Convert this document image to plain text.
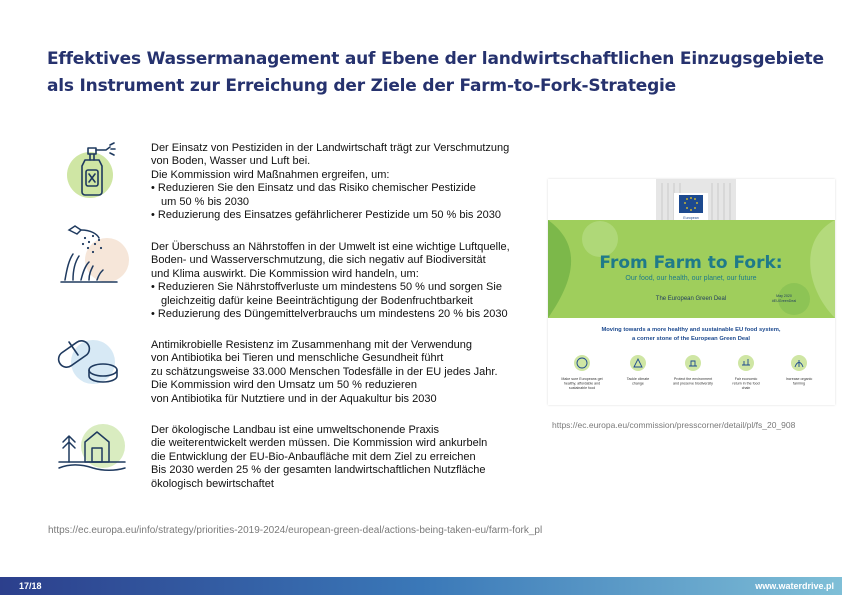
Effektives Wassermanagement auf Ebene der landwirtschaftlichen Einzugsgebiete
als Instrument zur Erreichung der Ziele der Farm-to-Fork-Strategie
Der Einsatz von Pestiziden in der Landwirtschaft trägt zur Verschmutzung
von Boden, Wasser und Luft bei.
Die Kommission wird Maßnahmen ergreifen, um:
• Reduzieren Sie den Einsatz und das Risiko chemischer Pestizide
um 50 % bis 2030
• Reduzierung des Einsatzes gefährlicherer Pestizide um 50 % bis 2030
Der Überschuss an Nährstoffen in der Umwelt ist eine wichtige Luftquelle,
Boden- und Wasserverschmutzung, die sich negativ auf Biodiversität
und Klima auswirkt. Die Kommission wird handeln, um:
• Reduzieren Sie Nährstoffverluste um mindestens 50 % und sorgen Sie
gleichzeitig dafür keine Beeinträchtigung der Bodenfruchtbarkeit
• Reduzierung des Düngemittelverbrauchs um mindestens 20 % bis 2030
Antimikrobielle Resistenz im Zusammenhang mit der Verwendung
von Antibiotika bei Tieren und menschliche Gesundheit führt
zu schätzungsweise 33.000 Menschen Todesfälle in der EU jedes Jahr.
Die Kommission wird den Umsatz um 50 % reduzieren
von Antibiotika für Nutztiere und in der Aquakultur bis 2030
Der ökologische Landbau ist eine umweltschonende Praxis
die weiterentwickelt werden müssen. Die Kommission wird ankurbeln
die Entwicklung der EU-Bio-Anbaufläche mit dem Ziel zu erreichen
Bis 2030 werden 25 % der gesamten landwirtschaftlichen Nutzfläche
ökologisch bewirtschaftet
European
From Farm to Fork:
Our food, our health, our planet, our future
The European Green Deal	May 2020
#EUGreenDeal
Moving towards a more healthy and sustainable EU food system,
a corner stone of the European Green Deal
Make sure Europeans get
healthy, affordable and
sustainable food
Tackle climate
change
Protect the environment
and preserve biodiversity
Fair economic
return in the food
chain
Increase organic
farming
https://ec.europa.eu/commission/presscorner/detail/pl/fs_20_908
https://ec.europa.eu/info/strategy/priorities-2019-2024/european-green-deal/actions-being-taken-eu/farm-fork_pl
17/18	www.waterdrive.pl
